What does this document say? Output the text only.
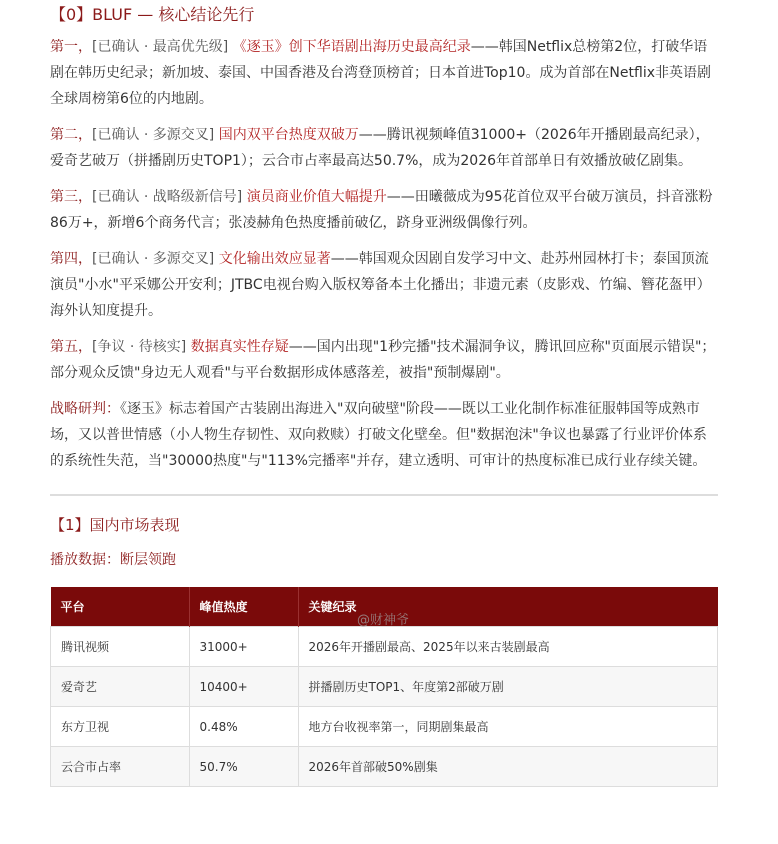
【0】BLUF — 核心结论先行

第一，[已确认 · 最高优先级] 《逐玉》创下华语剧出海历史最高纪录——韩国Netflix总榜第2位，打破华语剧在韩历史纪录；新加坡、泰国、中国香港及台湾登顶榜首；日本首进Top10。成为首部在Netflix非英语剧全球周榜第6位的内地剧。

第二，[已确认 · 多源交叉] 国内双平台热度双破万——腾讯视频峰值31000+（2026年开播剧最高纪录），爱奇艺破万（拼播剧历史TOP1）；云合市占率最高达50.7%，成为2026年首部单日有效播放破亿剧集。

第三，[已确认 · 战略级新信号] 演员商业价值大幅提升——田曦薇成为95花首位双平台破万演员，抖音涨粉86万+，新增6个商务代言；张凌赫角色热度播前破亿，跻身亚洲级偶像行列。

第四，[已确认 · 多源交叉] 文化输出效应显著——韩国观众因剧自发学习中文、赴苏州园林打卡；泰国顶流演员"小水"平采娜公开安利；JTBC电视台购入版权筹备本土化播出；非遗元素（皮影戏、竹编、簪花盔甲）海外认知度提升。

第五，[争议 · 待核实] 数据真实性存疑——国内出现"1秒完播"技术漏洞争议，腾讯回应称"页面展示错误"；部分观众反馈"身边无人观看"与平台数据形成体感落差，被指"预制爆剧"。

战略研判：《逐玉》标志着国产古装剧出海进入"双向破壁"阶段——既以工业化制作标准征服韩国等成熟市场，又以普世情感（小人物生存韧性、双向救赎）打破文化壁垒。但"数据泡沫"争议也暴露了行业评价体系的系统性失范，当"30000热度"与"113%完播率"并存，建立透明、可审计的热度标准已成行业存续关键。

【1】国内市场表现
播放数据：断层领跑
平台	峰值热度	关键纪录
腾讯视频	31000+	2026年开播剧最高、2025年以来古装剧最高
爱奇艺	10400+	拼播剧历史TOP1、年度第2部破万剧
东方卫视	0.48%	地方台收视率第一，同期剧集最高
云合市占率	50.7%	2026年首部破50%剧集
@财神爷
